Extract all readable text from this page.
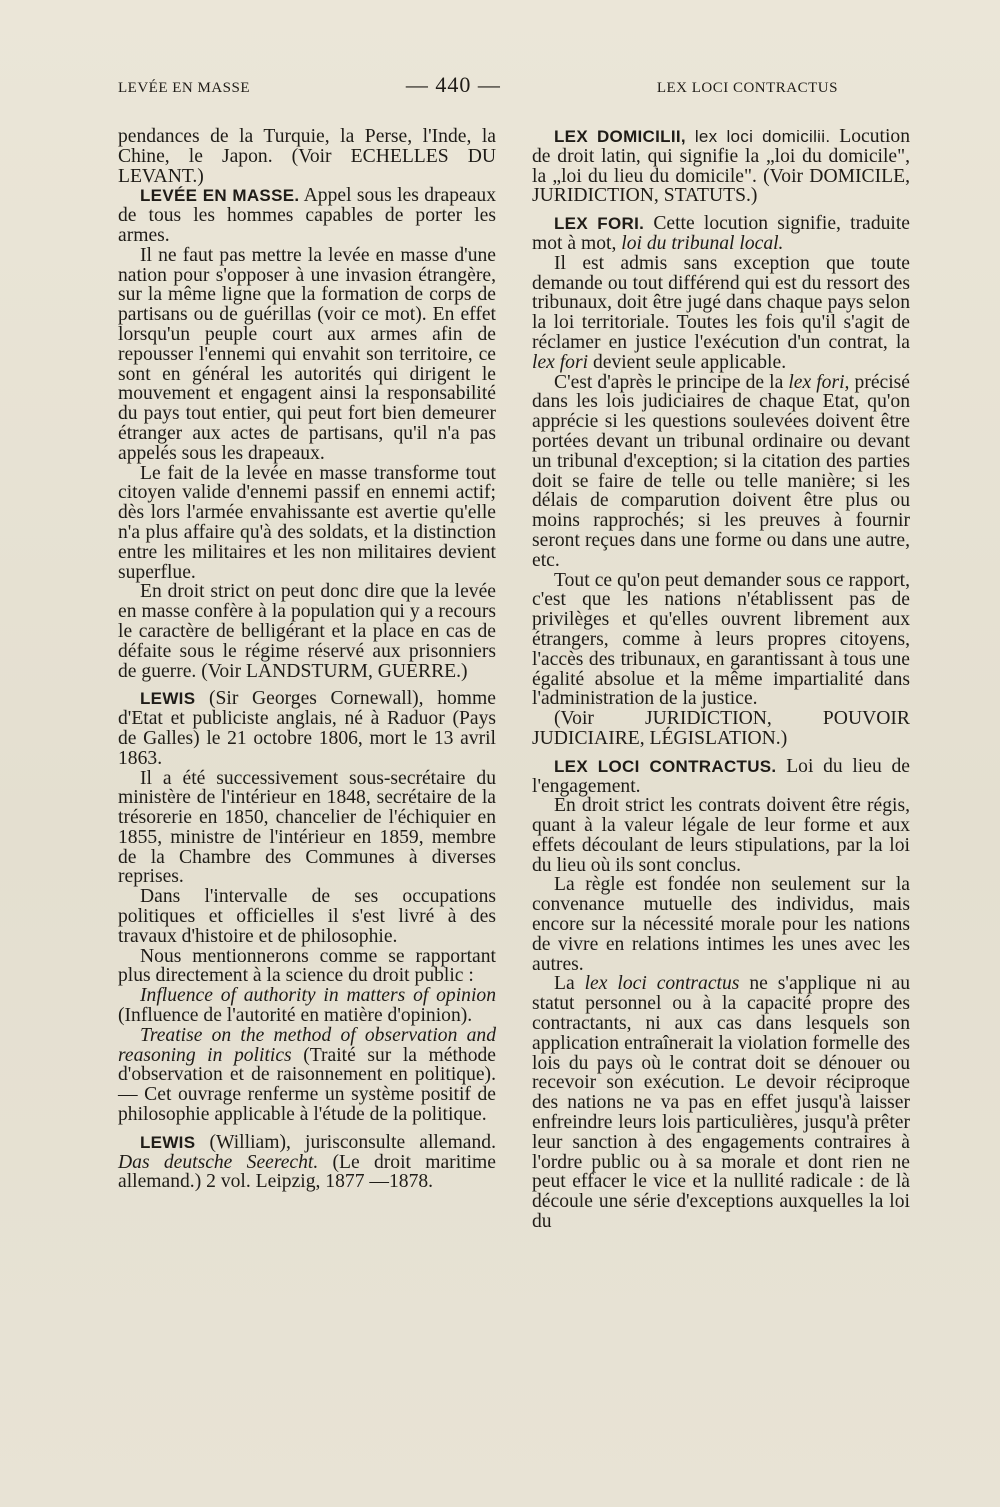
LEVÉE EN MASSE	— 440 —	LEX LOCI CONTRACTUS

pendances de la Turquie, la Perse, l'Inde, la Chine, le Japon. (Voir ECHELLES DU LEVANT.)

LEVÉE EN MASSE. Appel sous les drapeaux de tous les hommes capables de porter les armes.

Il ne faut pas mettre la levée en masse d'une nation pour s'opposer à une invasion étrangère, sur la même ligne que la formation de corps de partisans ou de guérillas (voir ce mot). En effet lorsqu'un peuple court aux armes afin de repousser l'ennemi qui envahit son territoire, ce sont en général les autorités qui dirigent le mouvement et engagent ainsi la responsabilité du pays tout entier, qui peut fort bien demeurer étranger aux actes de partisans, qu'il n'a pas appelés sous les drapeaux.

Le fait de la levée en masse transforme tout citoyen valide d'ennemi passif en ennemi actif; dès lors l'armée envahissante est avertie qu'elle n'a plus affaire qu'à des soldats, et la distinction entre les militaires et les non militaires devient superflue.

En droit strict on peut donc dire que la levée en masse confère à la population qui y a recours le caractère de belligérant et la place en cas de défaite sous le régime réservé aux prisonniers de guerre. (Voir LANDSTURM, GUERRE.)

LEWIS (Sir Georges Cornewall), homme d'Etat et publiciste anglais, né à Raduor (Pays de Galles) le 21 octobre 1806, mort le 13 avril 1863.

Il a été successivement sous-secrétaire du ministère de l'intérieur en 1848, secrétaire de la trésorerie en 1850, chancelier de l'échiquier en 1855, ministre de l'intérieur en 1859, membre de la Chambre des Communes à diverses reprises.

Dans l'intervalle de ses occupations politiques et officielles il s'est livré à des travaux d'histoire et de philosophie.

Nous mentionnerons comme se rapportant plus directement à la science du droit public :

Influence of authority in matters of opinion (Influence de l'autorité en matière d'opinion).

Treatise on the method of observation and reasoning in politics (Traité sur la méthode d'observation et de raisonnement en politique). — Cet ouvrage renferme un système positif de philosophie applicable à l'étude de la politique.

LEWIS (William), jurisconsulte allemand. Das deutsche Seerecht. (Le droit maritime allemand.) 2 vol. Leipzig, 1877 —1878.

LEX DOMICILII, lex loci domicilii. Locution de droit latin, qui signifie la „loi du domicile", la „loi du lieu du domicile". (Voir DOMICILE, JURIDICTION, STATUTS.)

LEX FORI. Cette locution signifie, traduite mot à mot, loi du tribunal local.

Il est admis sans exception que toute demande ou tout différend qui est du ressort des tribunaux, doit être jugé dans chaque pays selon la loi territoriale. Toutes les fois qu'il s'agit de réclamer en justice l'exécution d'un contrat, la lex fori devient seule applicable.

C'est d'après le principe de la lex fori, précisé dans les lois judiciaires de chaque Etat, qu'on apprécie si les questions soulevées doivent être portées devant un tribunal ordinaire ou devant un tribunal d'exception; si la citation des parties doit se faire de telle ou telle manière; si les délais de comparution doivent être plus ou moins rapprochés; si les preuves à fournir seront reçues dans une forme ou dans une autre, etc.

Tout ce qu'on peut demander sous ce rapport, c'est que les nations n'établissent pas de privilèges et qu'elles ouvrent librement aux étrangers, comme à leurs propres citoyens, l'accès des tribunaux, en garantissant à tous une égalité absolue et la même impartialité dans l'administration de la justice.

(Voir JURIDICTION, POUVOIR JUDICIAIRE, LÉGISLATION.)

LEX LOCI CONTRACTUS. Loi du lieu de l'engagement.

En droit strict les contrats doivent être régis, quant à la valeur légale de leur forme et aux effets découlant de leurs stipulations, par la loi du lieu où ils sont conclus.

La règle est fondée non seulement sur la convenance mutuelle des individus, mais encore sur la nécessité morale pour les nations de vivre en relations intimes les unes avec les autres.

La lex loci contractus ne s'applique ni au statut personnel ou à la capacité propre des contractants, ni aux cas dans lesquels son application entraînerait la violation formelle des lois du pays où le contrat doit se dénouer ou recevoir son exécution. Le devoir réciproque des nations ne va pas en effet jusqu'à laisser enfreindre leurs lois particulières, jusqu'à prêter leur sanction à des engagements contraires à l'ordre public ou à sa morale et dont rien ne peut effacer le vice et la nullité radicale : de là découle une série d'exceptions auxquelles la loi du
